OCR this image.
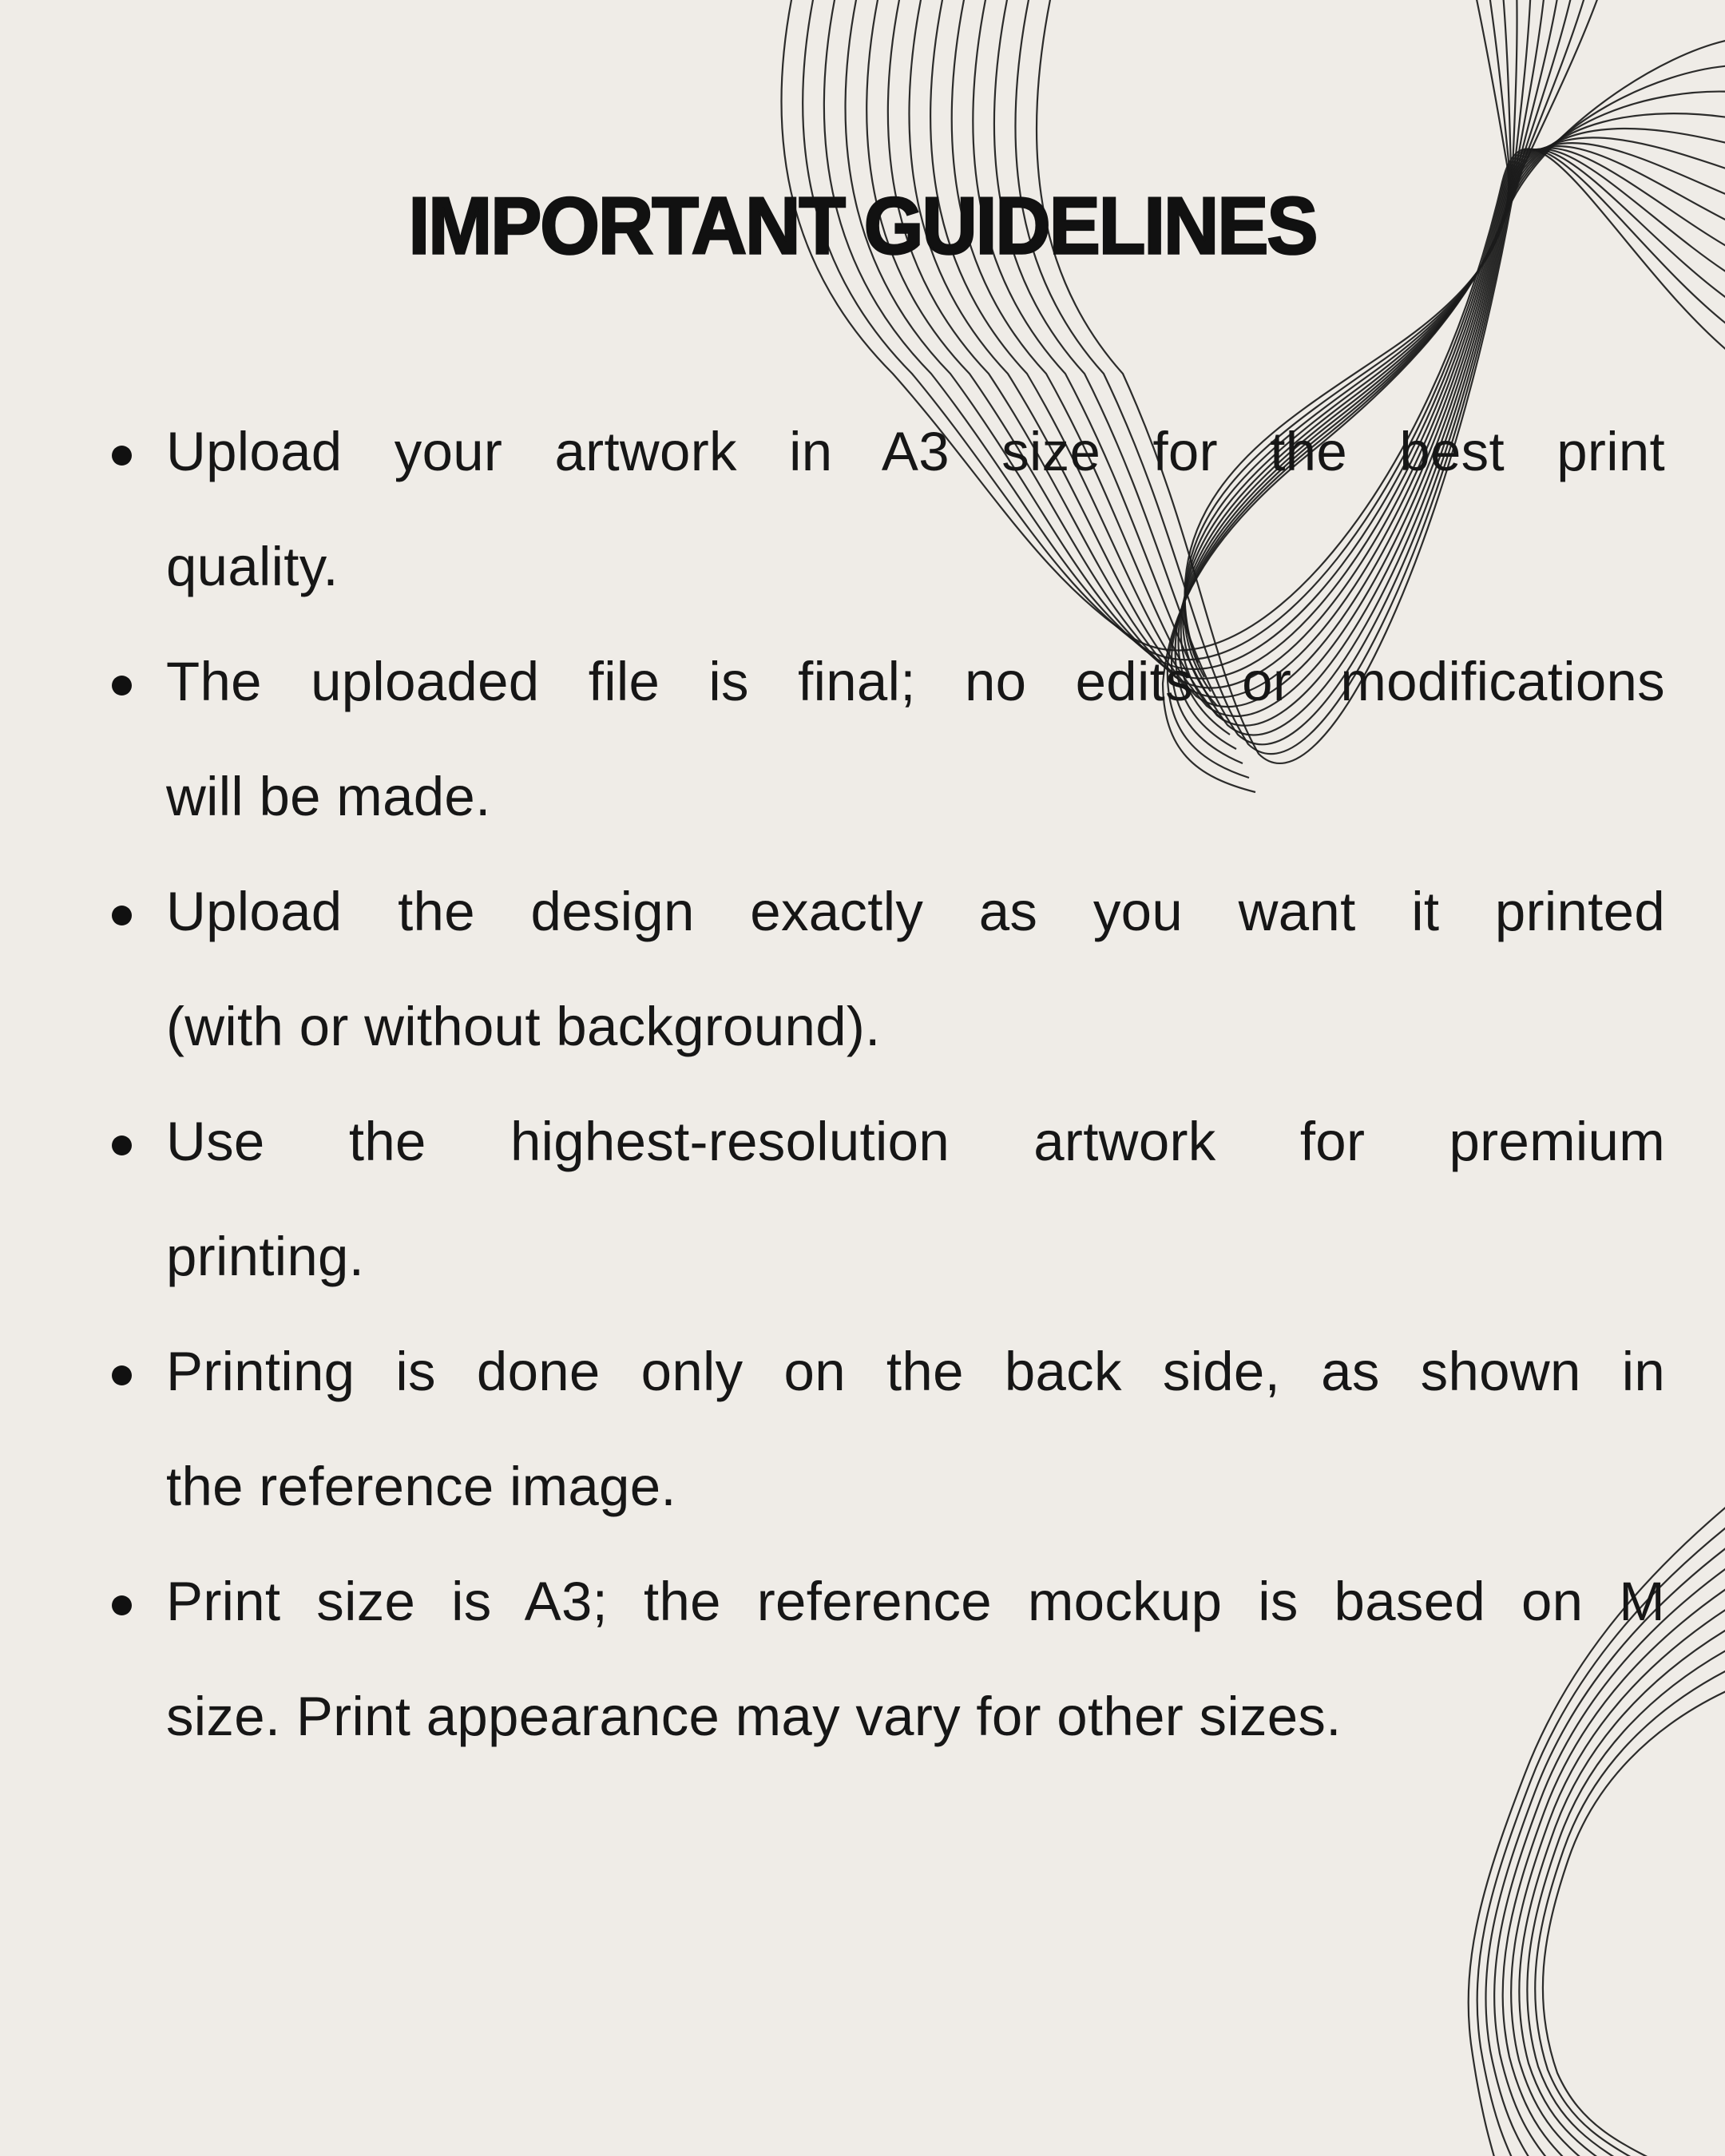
IMPORTANT GUIDELINES
Upload your artwork in A3 size for the best print
quality.
The uploaded file is final; no edits or modifications
will be made.
Upload the design exactly as you want it printed
(with or without background).
Use the highest-resolution artwork for premium
printing.
Printing is done only on the back side, as shown in
the reference image.
Print size is A3; the reference mockup is based on M
size. Print appearance may vary for other sizes.
